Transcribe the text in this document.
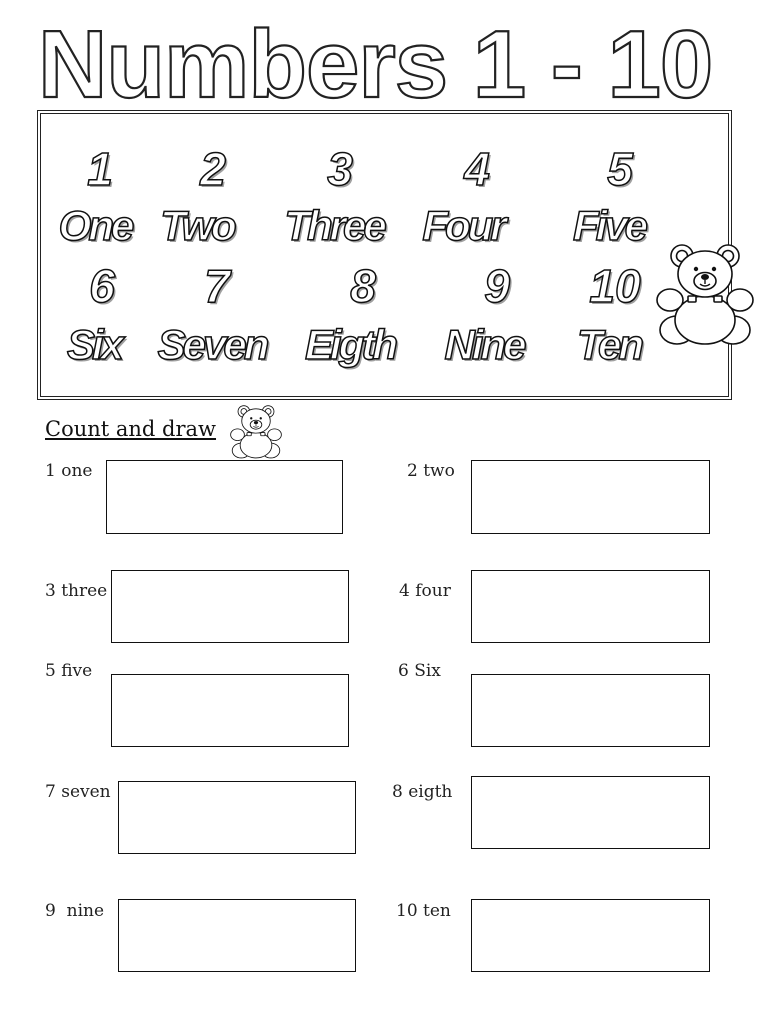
Numbers 1 - 10
1 2 3 4	5
One Two Three Four Five
6 7	8 9 10
Six Seven Eigth Nine Ten
Count and draw
1 one	2 two
3 three	4 four
5 five	6 Six
7 seven	8 eigth
9  nine	10 ten
